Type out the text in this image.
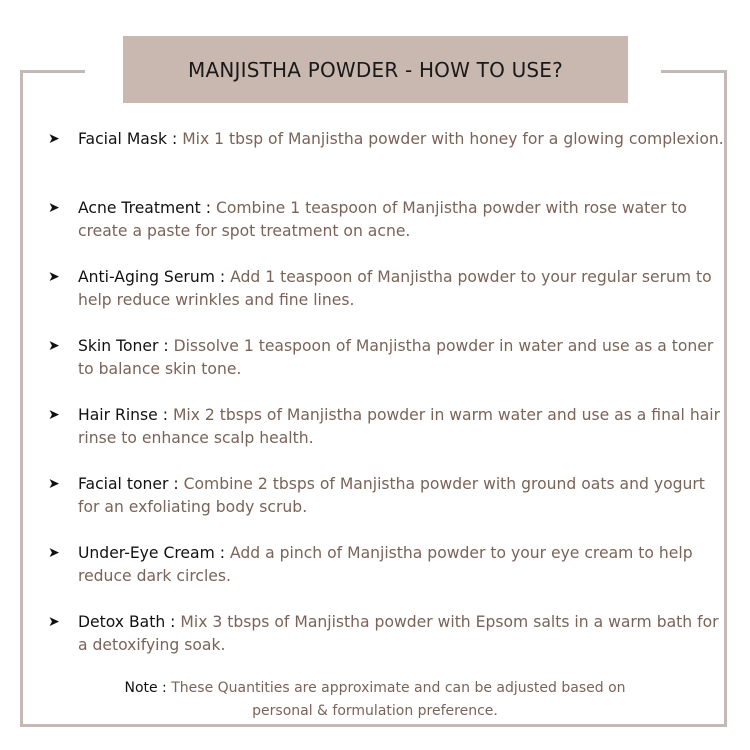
MANJISTHA POWDER - HOW TO USE?
➤ Facial Mask : Mix 1 tbsp of Manjistha powder with honey for a glowing complexion.
➤ Acne Treatment : Combine 1 teaspoon of Manjistha powder with rose water to create a paste for spot treatment on acne.
➤ Anti-Aging Serum : Add 1 teaspoon of Manjistha powder to your regular serum to help reduce wrinkles and fine lines.
➤ Skin Toner : Dissolve 1 teaspoon of Manjistha powder in water and use as a toner to balance skin tone.
➤ Hair Rinse : Mix 2 tbsps of Manjistha powder in warm water and use as a final hair rinse to enhance scalp health.
➤ Facial toner : Combine 2 tbsps of Manjistha powder with ground oats and yogurt for an exfoliating body scrub.
➤ Under-Eye Cream : Add a pinch of Manjistha powder to your eye cream to help reduce dark circles.
➤ Detox Bath : Mix 3 tbsps of Manjistha powder with Epsom salts in a warm bath for a detoxifying soak.
Note : These Quantities are approximate and can be adjusted based on
personal & formulation preference.
